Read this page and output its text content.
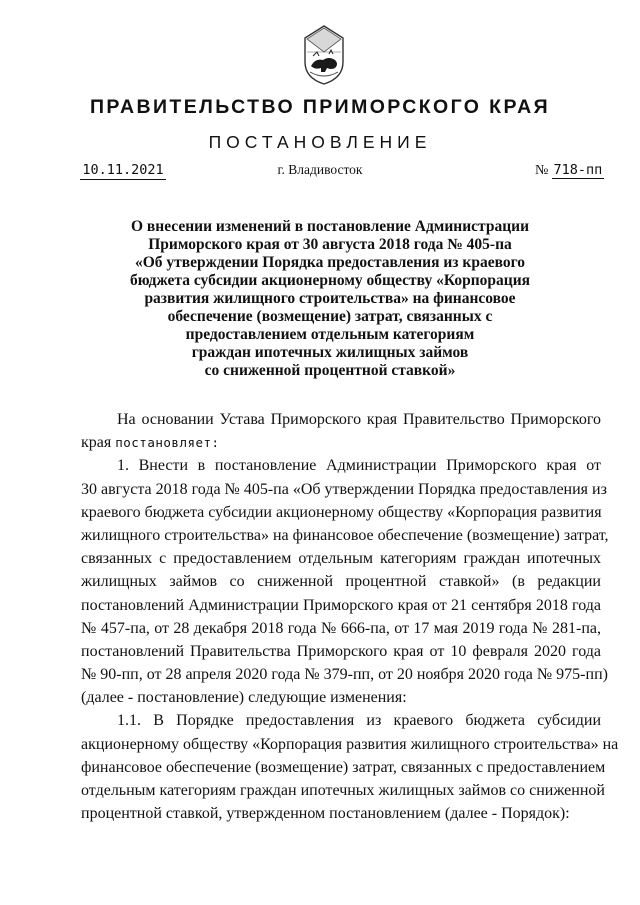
ПРАВИТЕЛЬСТВО ПРИМОРСКОГО КРАЯ
ПОСТАНОВЛЕНИЕ
10.11.2021	г. Владивосток	№ 718-пп
О внесении изменений в постановление Администрации
Приморского края от 30 августа 2018 года № 405-па
«Об утверждении Порядка предоставления из краевого
бюджета субсидии акционерному обществу «Корпорация
развития жилищного строительства» на финансовое
обеспечение (возмещение) затрат, связанных с
предоставлением отдельным категориям
граждан ипотечных жилищных займов
со сниженной процентной ставкой»
На основании Устава Приморского края Правительство Приморского
края постановляет:
1. Внести в постановление Администрации Приморского края от
30 августа 2018 года № 405-па «Об утверждении Порядка предоставления из
краевого бюджета субсидии акционерному обществу «Корпорация развития
жилищного строительства» на финансовое обеспечение (возмещение) затрат,
связанных с предоставлением отдельным категориям граждан ипотечных
жилищных займов со сниженной процентной ставкой» (в редакции
постановлений Администрации Приморского края от 21 сентября 2018 года
№ 457-па, от 28 декабря 2018 года № 666-па, от 17 мая 2019 года № 281-па,
постановлений Правительства Приморского края от 10 февраля 2020 года
№ 90-пп, от 28 апреля 2020 года № 379-пп, от 20 ноября 2020 года № 975-пп)
(далее - постановление) следующие изменения:
1.1. В Порядке предоставления из краевого бюджета субсидии
акционерному обществу «Корпорация развития жилищного строительства» на
финансовое обеспечение (возмещение) затрат, связанных с предоставлением
отдельным категориям граждан ипотечных жилищных займов со сниженной
процентной ставкой, утвержденном постановлением (далее - Порядок):
